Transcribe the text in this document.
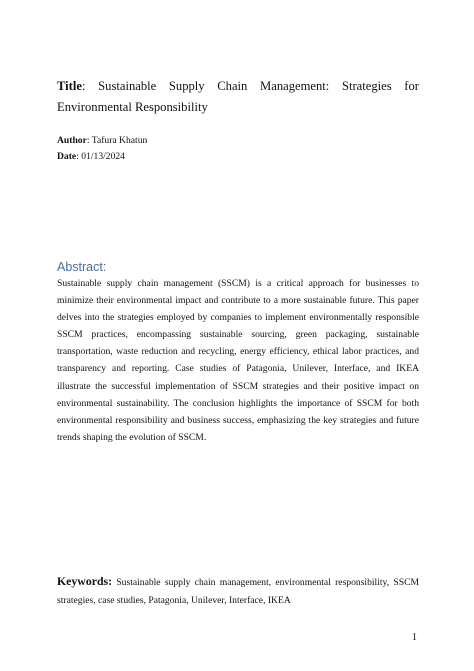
Title: Sustainable Supply Chain Management: Strategies for Environmental Responsibility
Author: Tafura Khatun
Date: 01/13/2024
Abstract:
Sustainable supply chain management (SSCM) is a critical approach for businesses to minimize their environmental impact and contribute to a more sustainable future. This paper delves into the strategies employed by companies to implement environmentally responsible SSCM practices, encompassing sustainable sourcing, green packaging, sustainable transportation, waste reduction and recycling, energy efficiency, ethical labor practices, and transparency and reporting. Case studies of Patagonia, Unilever, Interface, and IKEA illustrate the successful implementation of SSCM strategies and their positive impact on environmental sustainability. The conclusion highlights the importance of SSCM for both environmental responsibility and business success, emphasizing the key strategies and future trends shaping the evolution of SSCM.
Keywords: Sustainable supply chain management, environmental responsibility, SSCM strategies, case studies, Patagonia, Unilever, Interface, IKEA
1
